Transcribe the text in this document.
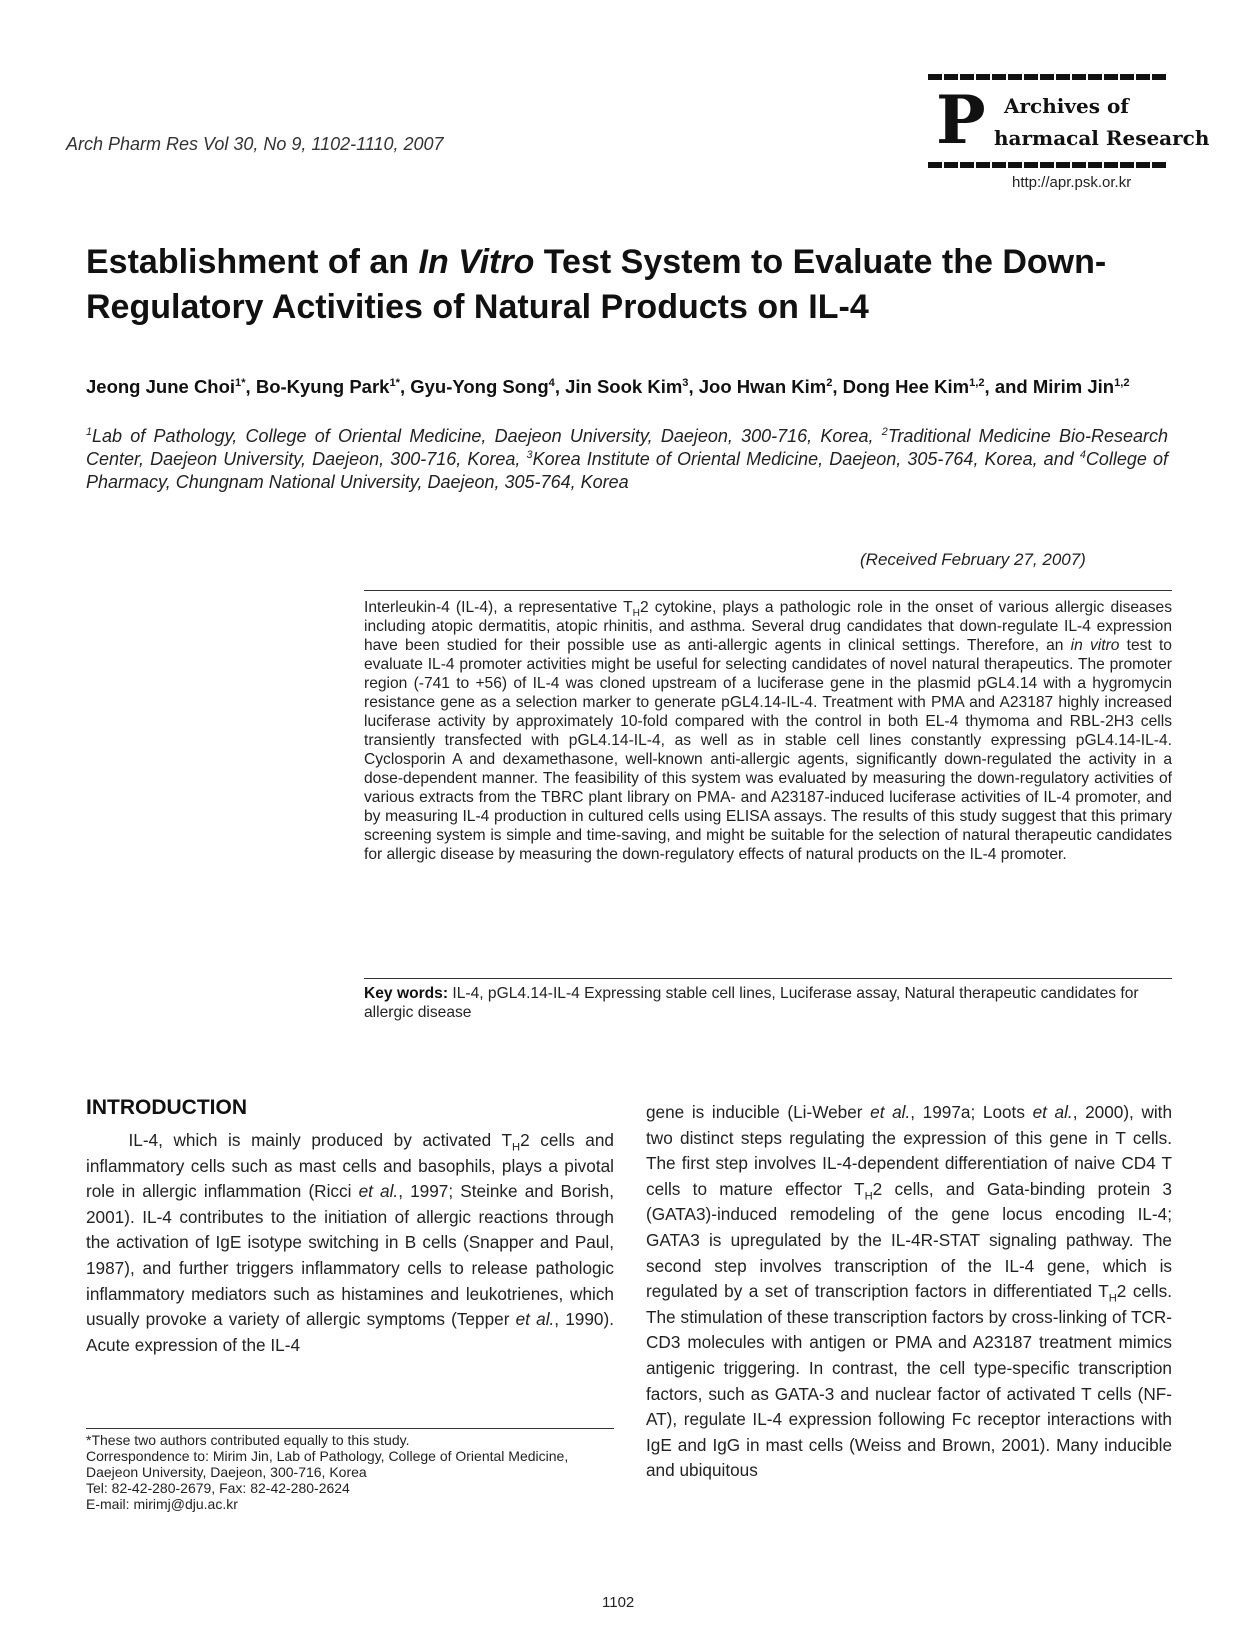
Arch Pharm Res Vol 30, No 9, 1102-1110, 2007	P Archives of
harmacal Research
http://apr.psk.or.kr
Establishment of an In Vitro Test System to Evaluate the Down-Regulatory Activities of Natural Products on IL-4
Jeong June Choi$^{1*}$, Bo-Kyung Park$^{1*}$, Gyu-Yong Song$^4$, Jin Sook Kim$^3$, Joo Hwan Kim$^2$, Dong Hee Kim$^{1,2}$, and Mirim Jin$^{1,2}$
$^1$Lab of Pathology, College of Oriental Medicine, Daejeon University, Daejeon, 300-716, Korea, $^2$Traditional Medicine Bio-Research Center, Daejeon University, Daejeon, 300-716, Korea, $^3$Korea Institute of Oriental Medicine, Daejeon, 305-764, Korea, and $^4$College of Pharmacy, Chungnam National University, Daejeon, 305-764, Korea
(Received February 27, 2007)
Interleukin-4 (IL-4), a representative $T_H2$ cytokine, plays a pathologic role in the onset of various allergic diseases including atopic dermatitis, atopic rhinitis, and asthma. Several drug candidates that down-regulate IL-4 expression have been studied for their possible use as anti-allergic agents in clinical settings. Therefore, an in vitro test to evaluate IL-4 promoter activities might be useful for selecting candidates of novel natural therapeutics. The promoter region (-741 to +56) of IL-4 was cloned upstream of a luciferase gene in the plasmid pGL4.14 with a hygromycin resistance gene as a selection marker to generate pGL4.14-IL-4. Treatment with PMA and A23187 highly increased luciferase activity by approximately 10-fold compared with the control in both EL-4 thymoma and RBL-2H3 cells transiently transfected with pGL4.14-IL-4, as well as in stable cell lines constantly expressing pGL4.14-IL-4. Cyclosporin A and dexamethasone, well-known anti-allergic agents, significantly down-regulated the activity in a dose-dependent manner. The feasibility of this system was evaluated by measuring the down-regulatory activities of various extracts from the TBRC plant library on PMA- and A23187-induced luciferase activities of IL-4 promoter, and by measuring IL-4 production in cultured cells using ELISA assays. The results of this study suggest that this primary screening system is simple and time-saving, and might be suitable for the selection of natural therapeutic candidates for allergic disease by measuring the down-regulatory effects of natural products on the IL-4 promoter.
Key words: IL-4, pGL4.14-IL-4 Expressing stable cell lines, Luciferase assay, Natural therapeutic candidates for allergic disease
INTRODUCTION
IL-4, which is mainly produced by activated $T_H2$ cells and inflammatory cells such as mast cells and basophils, plays a pivotal role in allergic inflammation (Ricci et al., 1997; Steinke and Borish, 2001). IL-4 contributes to the initiation of allergic reactions through the activation of IgE isotype switching in B cells (Snapper and Paul, 1987), and further triggers inflammatory cells to release pathologic inflammatory mediators such as histamines and leukotrienes, which usually provoke a variety of allergic symptoms (Tepper et al., 1990). Acute expression of the IL-4
gene is inducible (Li-Weber et al., 1997a; Loots et al., 2000), with two distinct steps regulating the expression of this gene in T cells. The first step involves IL-4-dependent differentiation of naive CD4 T cells to mature effector $T_H2$ cells, and Gata-binding protein 3 (GATA3)-induced remodeling of the gene locus encoding IL-4; GATA3 is upregulated by the IL-4R-STAT signaling pathway. The second step involves transcription of the IL-4 gene, which is regulated by a set of transcription factors in differentiated $T_H2$ cells. The stimulation of these transcription factors by cross-linking of TCR-CD3 molecules with antigen or PMA and A23187 treatment mimics antigenic triggering. In contrast, the cell type-specific transcription factors, such as GATA-3 and nuclear factor of activated T cells (NF-AT), regulate IL-4 expression following Fc receptor interactions with IgE and IgG in mast cells (Weiss and Brown, 2001). Many inducible and ubiquitous
*These two authors contributed equally to this study.
Correspondence to: Mirim Jin, Lab of Pathology, College of Oriental Medicine, Daejeon University, Daejeon, 300-716, Korea
Tel: 82-42-280-2679, Fax: 82-42-280-2624
E-mail: mirimj@dju.ac.kr
1102
